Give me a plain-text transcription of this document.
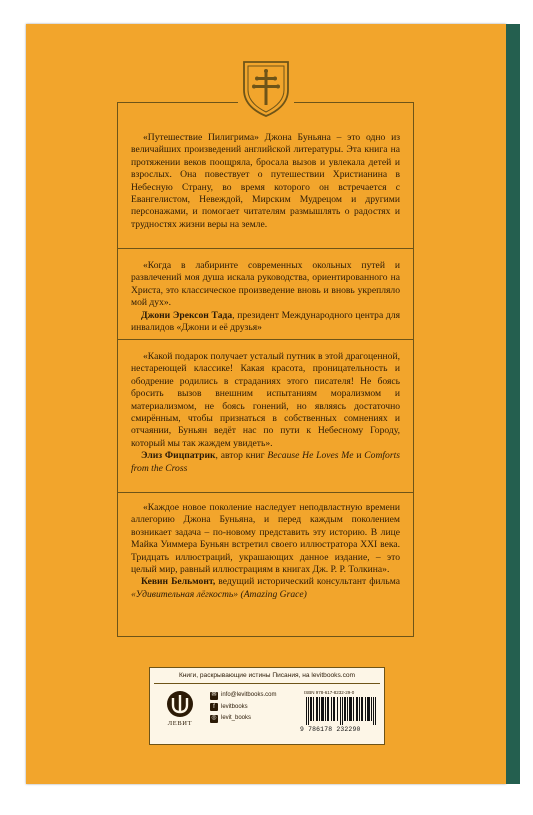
«Путешествие Пилигрима» Джона Буньяна – это одно из величайших произведений английской литературы. Эта книга на протяжении веков поощряла, бросала вызов и увлекала детей и взрослых. Она повествует о путешествии Христианина в Небесную Страну, во время которого он встречается с Евангелистом, Невеждой, Мирским Мудрецом и другими персонажами, и помогает читателям размышлять о радостях и трудностях жизни веры на земле.

«Когда в лабиринте современных окольных путей и развлечений моя душа искала руководства, ориентированного на Христа, это классическое произведение вновь и вновь укрепляло мой дух».

Джони Эрексон Тада, президент Международного центра для инвалидов «Джони и её друзья»

«Какой подарок получает усталый путник в этой драгоценной, нестареющей классике! Какая красота, проницательность и ободрение родились в страданиях этого писателя! Не боясь бросить вызов внешним испытаниям морализмом и материализмом, не боясь гонений, но являясь достаточно смирённым, чтобы признаться в собственных сомнениях и отчаянии, Буньян ведёт нас по пути к Небесному Городу, который мы так жаждем увидеть».

Элиз Фицпатрик, автор книг Because He Loves Me и Comforts from the Cross

«Каждое новое поколение наследует неподвластную времени аллегорию Джона Буньяна, и перед каждым поколением возникает задача – по-новому представить эту историю. В лице Майка Уиммера Буньян встретил своего иллюстратора XXI века. Тридцать иллюстраций, украшающих данное издание, – это целый мир, равный иллюстрациям в книгах Дж. Р. Р. Толкина».

Кевин Бельмонт, ведущий исторический консультант фильма «Удивительная лёгкость» (Amazing Grace)

Книги, раскрывающие истины Писания, на levitbooks.com
ЛЕВИТ
✉ info@levitbooks.com
f	levitbooks
◎ levit_books
ISBN 978-617-8232-29-0
9 786178 232290
